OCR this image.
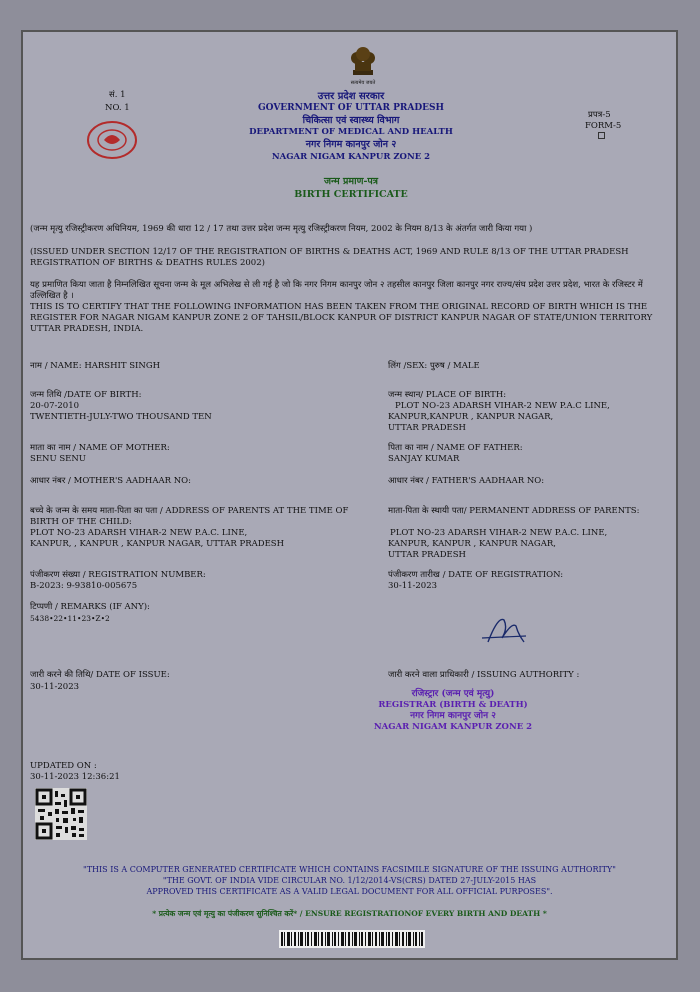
सत्यमेव जयते
सं. 1
NO. 1
प्रपत्र-5
FORM-5
उत्तर प्रदेश सरकार
GOVERNMENT OF UTTAR PRADESH
चिकित्सा एवं स्वास्थ्य विभाग
DEPARTMENT OF MEDICAL AND HEALTH
नगर निगम कानपुर जोन २
NAGAR NIGAM KANPUR ZONE 2
जन्म प्रमाण-पत्र
BIRTH CERTIFICATE
(जन्म मृत्यु रजिस्ट्रीकरण अधिनियम, 1969 की धारा 12 / 17 तथा उत्तर प्रदेश जन्म मृत्यु रजिस्ट्रीकरण नियम, 2002 के नियम 8/13 के अंतर्गत जारी किया गया )
(ISSUED UNDER SECTION 12/17 OF THE REGISTRATION OF BIRTHS & DEATHS ACT, 1969 AND RULE 8/13 OF THE UTTAR PRADESH REGISTRATION OF BIRTHS & DEATHS RULES 2002)
यह प्रमाणित किया जाता है निम्नलिखित सूचना जन्म के मूल अभिलेख से ली गई है जो कि नगर निगम कानपुर जोन २ तहसील कानपुर जिला कानपुर नगर राज्य/संघ प्रदेश उत्तर प्रदेश, भारत के रजिस्टर में उल्लिखित है ।
THIS IS TO CERTIFY THAT THE FOLLOWING INFORMATION HAS BEEN TAKEN FROM THE ORIGINAL RECORD OF BIRTH WHICH IS THE REGISTER FOR NAGAR NIGAM KANPUR ZONE 2 OF TAHSIL/BLOCK KANPUR OF DISTRICT KANPUR NAGAR OF STATE/UNION TERRITORY UTTAR PRADESH, INDIA.
नाम / NAME: HARSHIT SINGH	लिंग /SEX: पुरुष / MALE
जन्म तिथि /DATE OF BIRTH:
20-07-2010
TWENTIETH-JULY-TWO THOUSAND TEN
जन्म स्थान/ PLACE OF BIRTH:
PLOT NO-23 ADARSH VIHAR-2 NEW P.A.C LINE,
KANPUR,KANPUR , KANPUR NAGAR,
UTTAR PRADESH
माता का नाम / NAME OF MOTHER:
SENU SENU
पिता का नाम / NAME OF FATHER:
SANJAY KUMAR
आधार नंबर / MOTHER'S AADHAAR NO:	आधार नंबर / FATHER'S AADHAAR NO:
बच्चे के जन्म के समय माता-पिता का पता / ADDRESS OF PARENTS AT THE TIME OF BIRTH OF THE CHILD:
PLOT NO-23 ADARSH VIHAR-2 NEW P.A.C. LINE,
KANPUR, , KANPUR , KANPUR NAGAR, UTTAR PRADESH
माता-पिता के स्थायी पता/ PERMANENT ADDRESS OF PARENTS:
PLOT NO-23 ADARSH VIHAR-2 NEW P.A.C. LINE,
KANPUR, KANPUR , KANPUR NAGAR,
UTTAR PRADESH
पंजीकरण संख्या / REGISTRATION NUMBER:
B-2023: 9-93810-005675
पंजीकरण तारीख / DATE OF REGISTRATION:
30-11-2023
टिप्पणी / REMARKS (IF ANY):
5438•22•11•23•Z•2
जारी करने की तिथि/ DATE OF ISSUE:
30-11-2023
जारी करने वाला प्राधिकारी / ISSUING AUTHORITY :
रजिस्ट्रार (जन्म एवं मृत्यु)
REGISTRAR (BIRTH & DEATH)
नगर निगम कानपुर जोन २
NAGAR NIGAM KANPUR ZONE 2
UPDATED ON :
30-11-2023 12:36:21
"THIS IS A COMPUTER GENERATED CERTIFICATE WHICH CONTAINS FACSIMILE SIGNATURE OF THE ISSUING AUTHORITY"
"THE GOVT. OF INDIA VIDE CIRCULAR NO. 1/12/2014-VS(CRS) DATED 27-JULY-2015 HAS
APPROVED THIS CERTIFICATE AS A VALID LEGAL DOCUMENT FOR ALL OFFICIAL PURPOSES".
* प्रत्येक जन्म एवं मृत्यु का पंजीकरण सुनिश्चित करें* / ENSURE REGISTRATIONOF EVERY BIRTH AND DEATH *
